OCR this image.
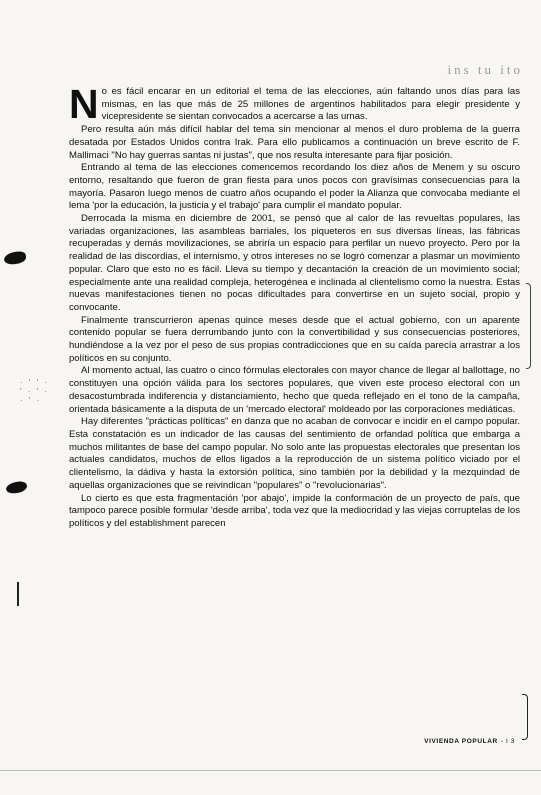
ins tu ito

N o es fácil encarar en un editorial el tema de las elecciones, aún faltando unos días para las mismas, en las que más de 25 millones de argentinos habilitados para elegir presidente y vicepresidente se sientan convocados a acercarse a las urnas.

Pero resulta aún más difícil hablar del tema sin mencionar al menos el duro problema de la guerra desatada por Estados Unidos contra Irak. Para ello publicamos a continuación un breve escrito de F. Mallimaci "No hay guerras santas ni justas", que nos resulta interesante para fijar posición.

Entrando al tema de las elecciones comencemos recordando los diez años de Menem y su oscuro entorno, resaltando que fueron de gran fiesta para unos pocos con gravísimas consecuencias para la mayoría. Pasaron luego menos de cuatro años ocupando el poder la Alianza que convocaba mediante el lema 'por la educación, la justicia y el trabajo' para cumplir el mandato popular.

Derrocada la misma en diciembre de 2001, se pensó que al calor de las revueltas populares, las variadas organizaciones, las asambleas barriales, los piqueteros en sus diversas líneas, las fábricas recuperadas y demás movilizaciones, se abriría un espacio para perfilar un nuevo proyecto. Pero por la realidad de las discordias, el internismo, y otros intereses no se logró comenzar a plasmar un movimiento popular. Claro que esto no es fácil. Lleva su tiempo y decantación la creación de un movimiento social; especialmente ante una realidad compleja, heterogénea e inclinada al clientelismo como la nuestra. Estas nuevas manifestaciones tienen no pocas dificultades para convertirse en un sujeto social, propio y convocante.

Finalmente transcurrieron apenas quince meses desde que el actual gobierno, con un aparente contenido popular se fuera derrumbando junto con la convertibilidad y sus consecuencias posteriores, hundiéndose a la vez por el peso de sus propias contradicciones que en su caída parecía arrastrar a los políticos en su conjunto.

Al momento actual, las cuatro o cinco fórmulas electorales con mayor chance de llegar al ballottage, no constituyen una opción válida para los sectores populares, que viven este proceso electoral con un desacostumbrada indiferencia y distanciamiento, hecho que queda reflejado en el tono de la campaña, orientada básicamente a la disputa de un 'mercado electoral' moldeado por las corporaciones mediáticas.

Hay diferentes "prácticas políticas" en danza que no acaban de convocar e incidir en el campo popular. Esta constatación es un indicador de las causas del sentimiento de orfandad política que embarga a muchos militantes de base del campo popular. No solo ante las propuestas electorales que presentan los actuales candidatos, muchos de ellos ligados a la reproducción de un sistema político viciado por el clientelismo, la dádiva y hasta la extorsión política, sino también por la debilidad y la mezquindad de aquellas organizaciones que se reivindican "populares" o "revolucionarias".

Lo cierto es que esta fragmentación 'por abajo', impide la conformación de un proyecto de país, que tampoco parece posible formular 'desde arriba', toda vez que la mediocridad y las viejas corruptelas de los políticos y del establishment parecen

VIVIENDA POPULAR - I 3
· ' ' ·
' · ' ·
· ' ·
